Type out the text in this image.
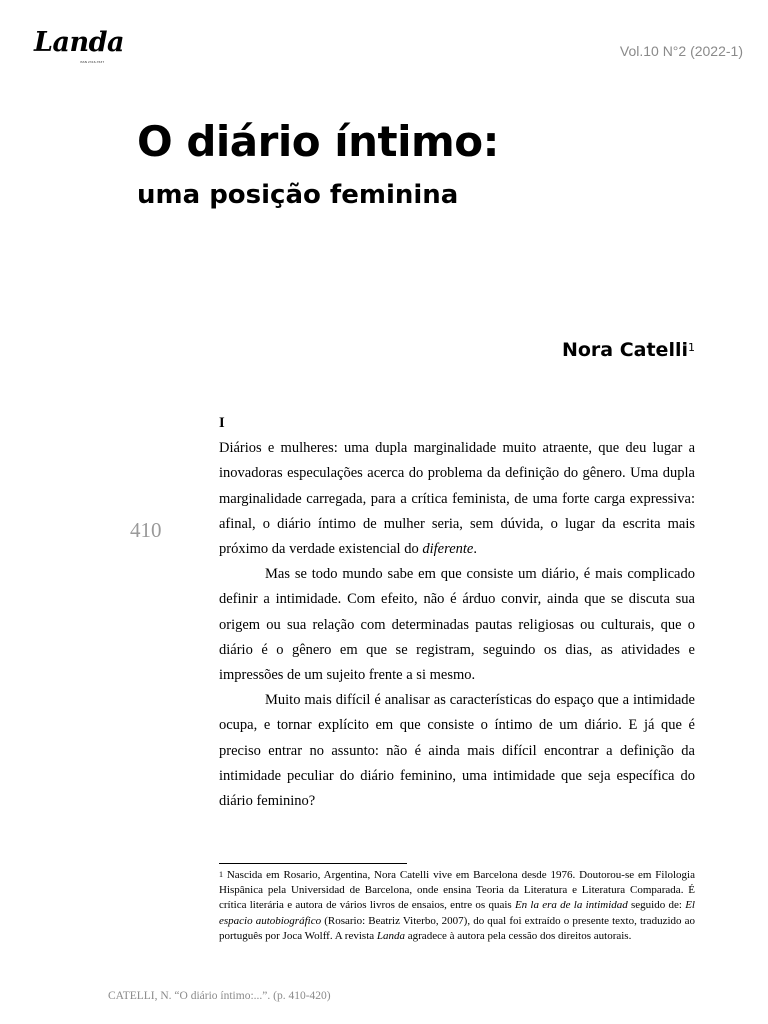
Landa
ISSN 2316-7637
Vol.10 N°2 (2022-1)
O diário íntimo:
uma posição feminina
Nora Catelli$^1$
410

I

Diários e mulheres: uma dupla marginalidade muito atraente, que deu lugar a inovadoras especulações acerca do problema da definição do gênero. Uma dupla marginalidade carregada, para a crítica feminista, de uma forte carga expressiva: afinal, o diário íntimo de mulher seria, sem dúvida, o lugar da escrita mais próximo da verdade existencial do diferente.

Mas se todo mundo sabe em que consiste um diário, é mais complicado definir a intimidade. Com efeito, não é árduo convir, ainda que se discuta sua origem ou sua relação com determinadas pautas religiosas ou culturais, que o diário é o gênero em que se registram, seguindo os dias, as atividades e impressões de um sujeito frente a si mesmo.

Muito mais difícil é analisar as características do espaço que a intimidade ocupa, e tornar explícito em que consiste o íntimo de um diário. E já que é preciso entrar no assunto: não é ainda mais difícil encontrar a definição da intimidade peculiar do diário feminino, uma intimidade que seja específica do diário feminino?

$^1$ Nascida em Rosario, Argentina, Nora Catelli vive em Barcelona desde 1976. Doutorou-se em Filologia Hispânica pela Universidad de Barcelona, onde ensina Teoria da Literatura e Literatura Comparada. É crítica literária e autora de vários livros de ensaios, entre os quais En la era de la intimidad seguido de: El espacio autobiográfico (Rosario: Beatriz Viterbo, 2007), do qual foi extraído o presente texto, traduzido ao português por Joca Wolff. A revista Landa agradece à autora pela cessão dos direitos autorais.
CATELLI, N. “O diário íntimo:...”. (p. 410-420)
